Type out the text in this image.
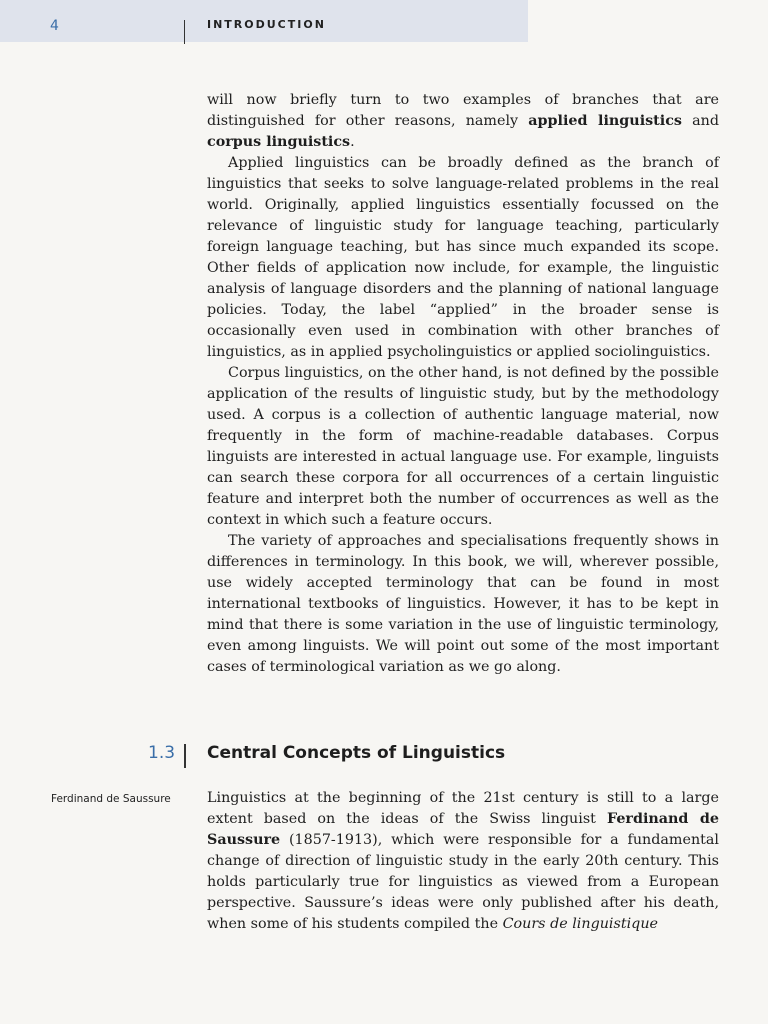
4	INTRODUCTION

will now briefly turn to two examples of branches that are distinguished for other reasons, namely applied linguistics and corpus linguistics.

Applied linguistics can be broadly defined as the branch of linguistics that seeks to solve language-related problems in the real world. Originally, applied linguistics essentially focussed on the relevance of linguistic study for language teaching, particularly foreign language teaching, but has since much expanded its scope. Other fields of application now include, for example, the linguistic analysis of language disorders and the planning of national language policies. Today, the label “applied” in the broader sense is occasionally even used in combination with other branches of linguistics, as in applied psycholinguistics or applied sociolinguistics.

Corpus linguistics, on the other hand, is not defined by the possible application of the results of linguistic study, but by the methodology used. A corpus is a collection of authentic language material, now frequently in the form of machine-readable databases. Corpus linguists are interested in actual language use. For example, linguists can search these corpora for all occurrences of a certain linguistic feature and interpret both the number of occurrences as well as the context in which such a feature occurs.

The variety of approaches and specialisations frequently shows in differences in terminology. In this book, we will, wherever possible, use widely accepted terminology that can be found in most international textbooks of linguistics. However, it has to be kept in mind that there is some variation in the use of linguistic terminology, even among linguists. We will point out some of the most important cases of terminological variation as we go along.

1.3 Central Concepts of Linguistics
Ferdinand de Saussure	Linguistics at the beginning of the 21st century is still to a large extent based on the ideas of the Swiss linguist Ferdinand de Saussure (1857-1913), which were responsible for a fundamental change of direction of linguistic study in the early 20th century. This holds particularly true for linguistics as viewed from a European perspective. Saussure’s ideas were only published after his death, when some of his students compiled the Cours de linguistique
